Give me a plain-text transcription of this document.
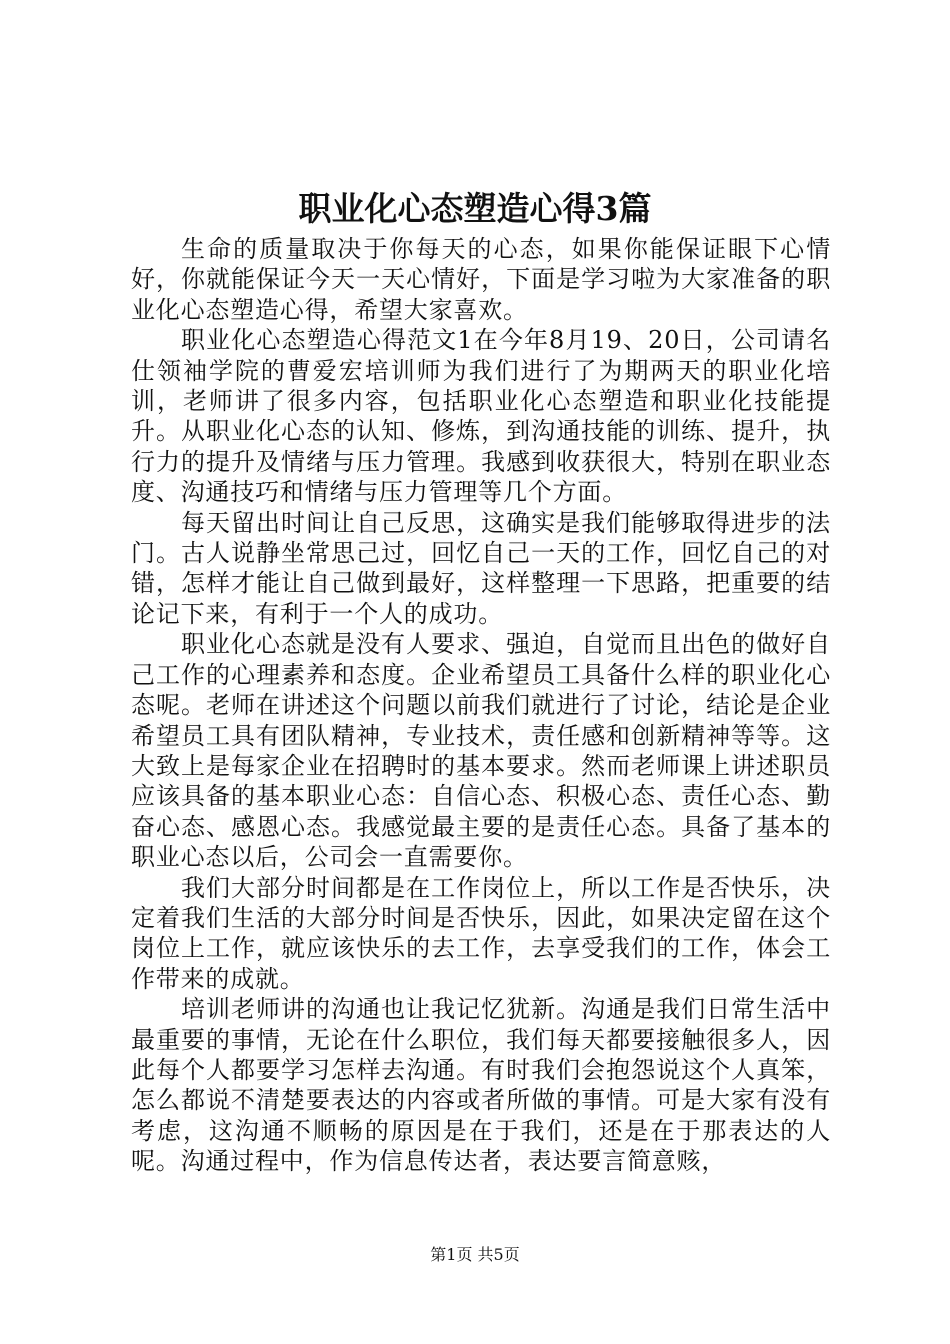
职业化心态塑造心得3篇

生命的质量取决于你每天的心态，如果你能保证眼下心情好，你就能保证今天一天心情好，下面是学习啦为大家准备的职业化心态塑造心得，希望大家喜欢。

职业化心态塑造心得范文1在今年8月19、20日，公司请名仕领袖学院的曹爱宏培训师为我们进行了为期两天的职业化培训，老师讲了很多内容，包括职业化心态塑造和职业化技能提升。从职业化心态的认知、修炼，到沟通技能的训练、提升，执行力的提升及情绪与压力管理。我感到收获很大，特别在职业态度、沟通技巧和情绪与压力管理等几个方面。

每天留出时间让自己反思，这确实是我们能够取得进步的法门。古人说静坐常思己过，回忆自己一天的工作，回忆自己的对错，怎样才能让自己做到最好，这样整理一下思路，把重要的结论记下来，有利于一个人的成功。

职业化心态就是没有人要求、强迫，自觉而且出色的做好自己工作的心理素养和态度。企业希望员工具备什么样的职业化心态呢。老师在讲述这个问题以前我们就进行了讨论，结论是企业希望员工具有团队精神，专业技术，责任感和创新精神等等。这大致上是每家企业在招聘时的基本要求。然而老师课上讲述职员应该具备的基本职业心态：自信心态、积极心态、责任心态、勤奋心态、感恩心态。我感觉最主要的是责任心态。具备了基本的职业心态以后，公司会一直需要你。

我们大部分时间都是在工作岗位上，所以工作是否快乐，决定着我们生活的大部分时间是否快乐，因此，如果决定留在这个岗位上工作，就应该快乐的去工作，去享受我们的工作，体会工作带来的成就。

培训老师讲的沟通也让我记忆犹新。沟通是我们日常生活中最重要的事情，无论在什么职位，我们每天都要接触很多人，因此每个人都要学习怎样去沟通。有时我们会抱怨说这个人真笨，怎么都说不清楚要表达的内容或者所做的事情。可是大家有没有考虑，这沟通不顺畅的原因是在于我们，还是在于那表达的人呢。沟通过程中，作为信息传达者，表达要言简意赅，

第1页 共5页
